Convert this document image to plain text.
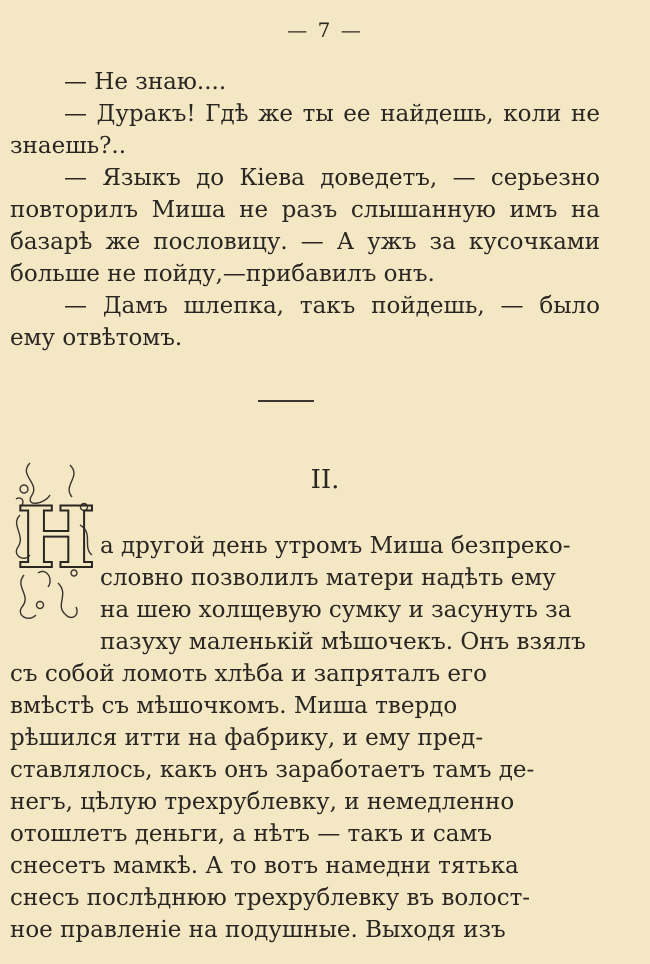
— 7 —

— Не знаю....

— Дуракъ! Гдѣ же ты ее найдешь, коли не знаешь?..

— Языкъ до Кіева доведетъ, — серьезно повторилъ Миша не разъ слышанную имъ на базарѣ же пословицу. — А ужъ за кусочками больше не пойду,—прибавилъ онъ.

— Дамъ шлепка, такъ пойдешь, — было ему отвѣтомъ.

II.
Н а другой день утромъ Миша безпреко-

словно позволилъ матери надѣть ему

на шею холщевую сумку и засунуть за

пазуху маленькій мѣшочекъ. Онъ взялъ

съ собой ломоть хлѣба и запряталъ его

вмѣстѣ съ мѣшочкомъ. Миша твердо

рѣшился итти на фабрику, и ему пред-

ставлялось, какъ онъ заработаетъ тамъ де-

негъ, цѣлую трехрублевку, и немедленно

отошлетъ деньги, а нѣтъ — такъ и самъ

снесетъ мамкѣ. А то вотъ намедни тятька

снесъ послѣднюю трехрублевку въ волост-

ное правленіе на подушные. Выходя изъ
